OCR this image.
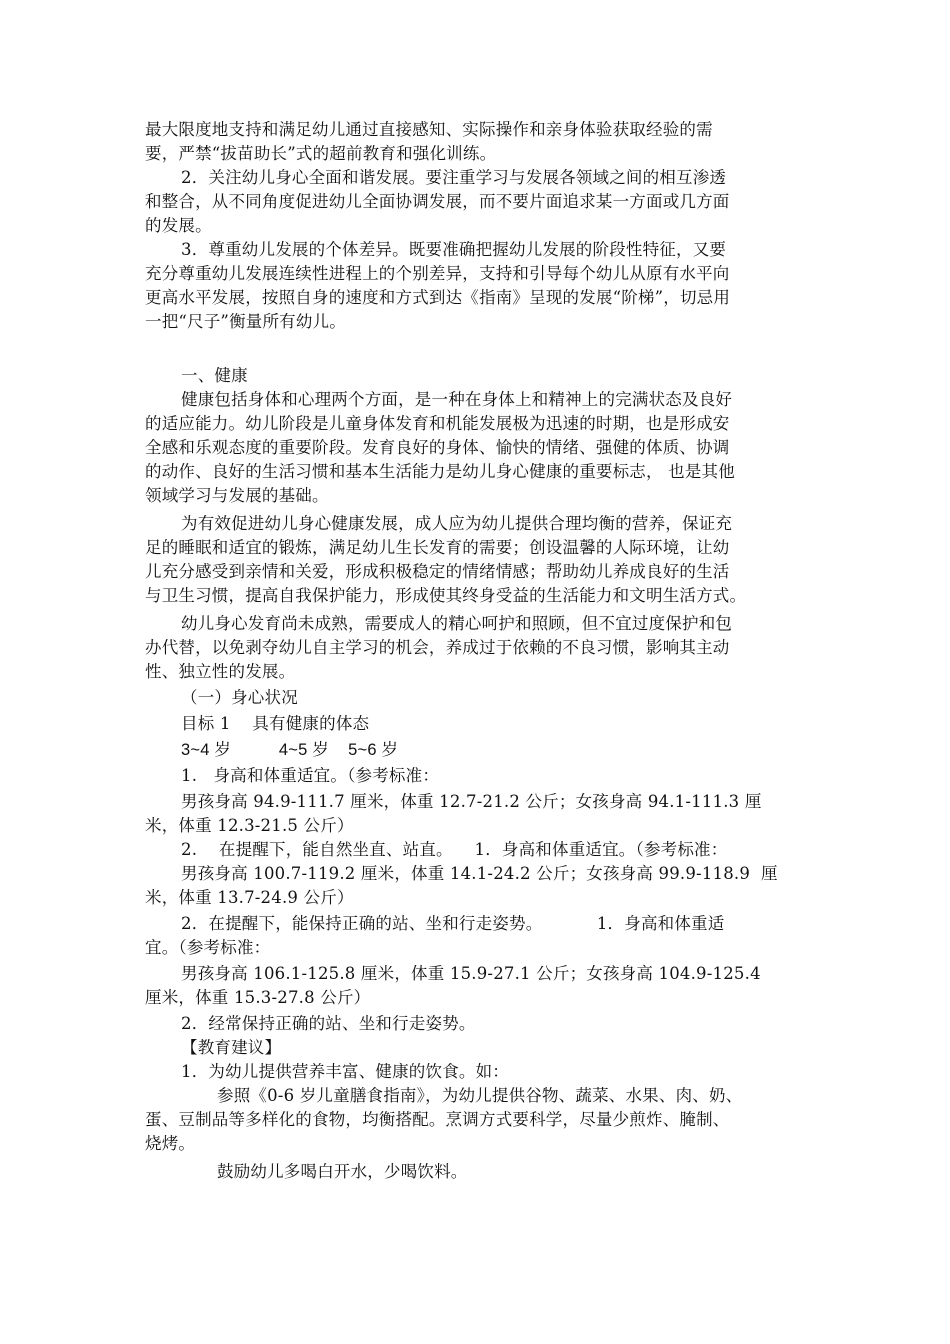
最大限度地支持和满足幼儿通过直接感知、实际操作和亲身体验获取经验的需

要，严禁“拔苗助长”式的超前教育和强化训练。

2．关注幼儿身心全面和谐发展。要注重学习与发展各领域之间的相互渗透

和整合，从不同角度促进幼儿全面协调发展，而不要片面追求某一方面或几方面

的发展。

3．尊重幼儿发展的个体差异。既要准确把握幼儿发展的阶段性特征，又要

充分尊重幼儿发展连续性进程上的个别差异，支持和引导每个幼儿从原有水平向

更高水平发展，按照自身的速度和方式到达《指南》呈现的发展“阶梯”，切忌用

一把“尺子”衡量所有幼儿。

一、健康

健康包括身体和心理两个方面，是一种在身体上和精神上的完满状态及良好

的适应能力。幼儿阶段是儿童身体发育和机能发展极为迅速的时期，也是形成安

全感和乐观态度的重要阶段。发育良好的身体、愉快的情绪、强健的体质、协调

的动作、良好的生活习惯和基本生活能力是幼儿身心健康的重要标志， 也是其他

领域学习与发展的基础。

为有效促进幼儿身心健康发展，成人应为幼儿提供合理均衡的营养，保证充

足的睡眠和适宜的锻炼，满足幼儿生长发育的需要；创设温馨的人际环境，让幼

儿充分感受到亲情和关爱，形成积极稳定的情绪情感；帮助幼儿养成良好的生活

与卫生习惯，提高自我保护能力，形成使其终身受益的生活能力和文明生活方式。

幼儿身心发育尚未成熟，需要成人的精心呵护和照顾，但不宜过度保护和包

办代替，以免剥夺幼儿自主学习的机会，养成过于依赖的不良习惯，影响其主动

性、独立性的发展。

（一）身心状况

目标 1    具有健康的体态

3~4 岁          4~5 岁    5~6 岁

1.   身高和体重适宜。（参考标准：

男孩身高 94.9-111.7 厘米，体重 12.7-21.2 公斤；女孩身高 94.1-111.3 厘

米，体重 12.3-21.5 公斤）

2.    在提醒下，能自然坐直、站直。    1．身高和体重适宜。（参考标准：

男孩身高 100.7-119.2 厘米，体重 14.1-24.2 公斤；女孩身高 99.9-118.9  厘

米，体重 13.7-24.9 公斤）

2．在提醒下，能保持正确的站、坐和行走姿势。          1．身高和体重适

宜。（参考标准：

男孩身高 106.1-125.8 厘米，体重 15.9-27.1 公斤；女孩身高 104.9-125.4

厘米，体重 15.3-27.8 公斤）

2．经常保持正确的站、坐和行走姿势。

【教育建议】

1．为幼儿提供营养丰富、健康的饮食。如：

参照《0-6 岁儿童膳食指南》，为幼儿提供谷物、蔬菜、水果、肉、奶、

蛋、豆制品等多样化的食物，均衡搭配。烹调方式要科学，尽量少煎炸、腌制、

烧烤。

鼓励幼儿多喝白开水，少喝饮料。
